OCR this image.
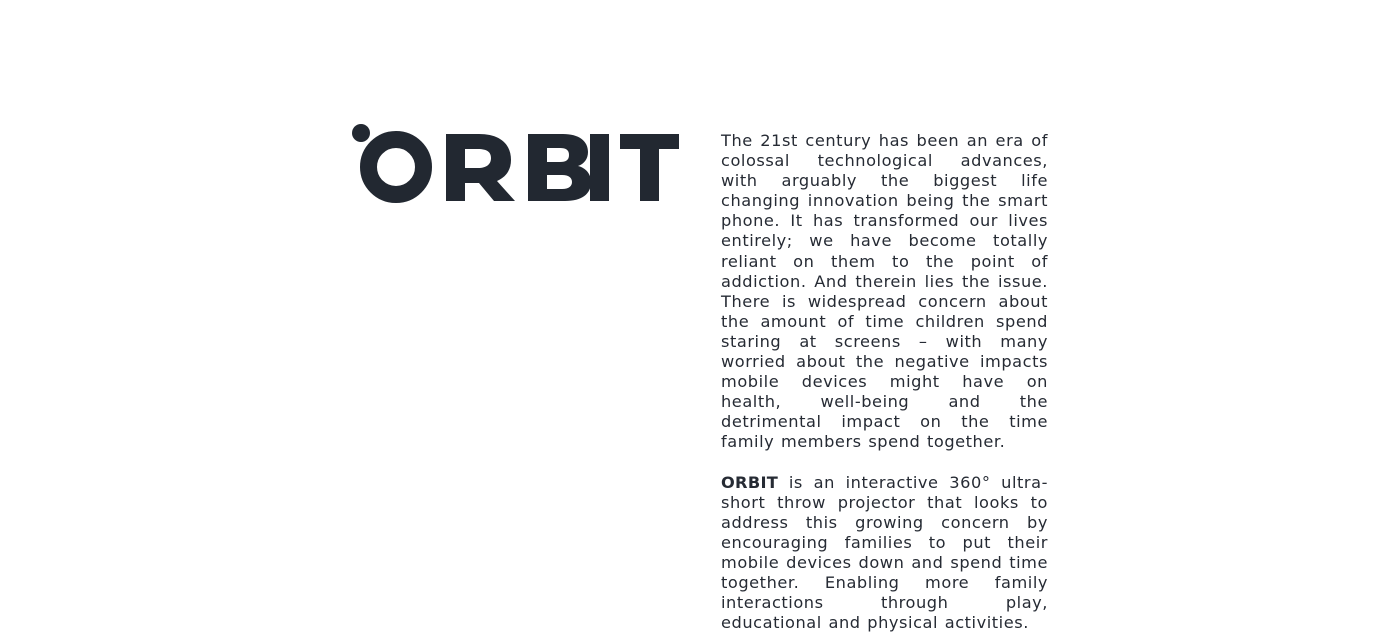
The 21st century has been an era of colossal technological advances, with arguably the biggest life changing innovation being the smart phone. It has transformed our lives entirely; we have become totally reliant on them to the point of addiction. And therein lies the issue. There is widespread concern about the amount of time children spend staring at screens – with many worried about the negative impacts mobile devices might have on health, well-being and the detrimental impact on the time family members spend together.

ORBIT is an interactive 360° ultra-short throw projector that looks to address this growing concern by encouraging families to put their mobile devices down and spend time together. Enabling more family interactions through play, educational and physical activities.
